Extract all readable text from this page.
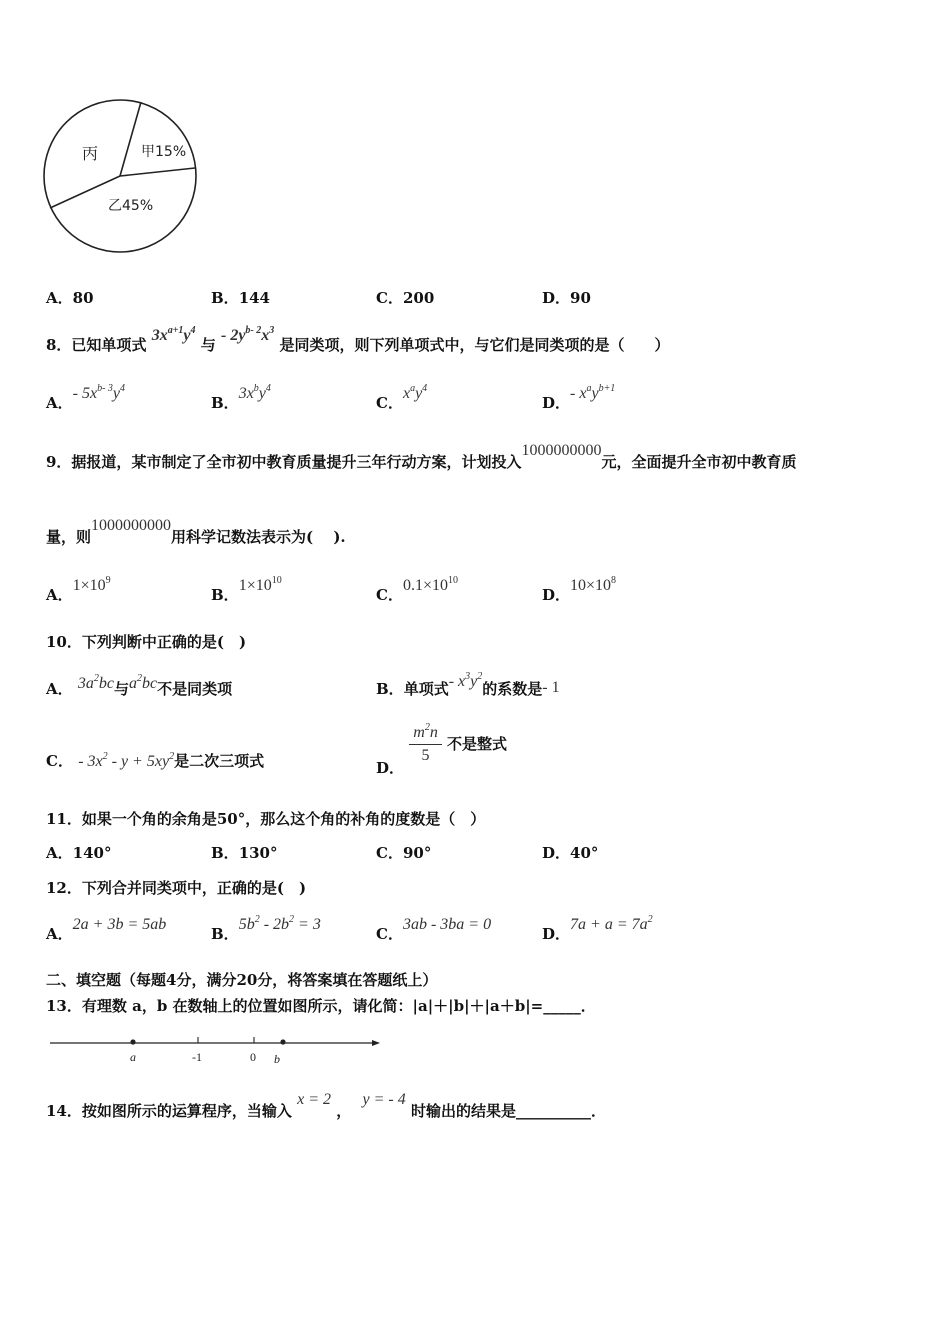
丙	甲15%
乙45%
A．80	B．144	C．200	D．90
8．已知单项式 $3x^{a+1}y^4$ 与 - $2y^{b- 2}x^3$ 是同类项，则下列单项式中，与它们是同类项的是（　　）
A．- $5x^{b- 3}y^4$
B．$3x^by^4$
C．$x^ay^4$
D．- $x^ay^{b+1}$
9．据报道，某市制定了全市初中教育质量提升三年行动方案，计划投入1000000000元，全面提升全市初中教育质
量，则1000000000用科学记数法表示为(　 ).
A．$1\times 10^9$
B．$1\times 10^{10}$
C．$0.1\times 10^{10}$
D．$10\times 10^8$
10．下列判断中正确的是(　)
A． $3a^2bc$与$a^2bc$不是同类项	B．单项式- $x^3y^2$的系数是- 1
C． - $3x^2 - y + 5xy^2$是二次三项式	D．
$\frac{m^2n}{5}$ 不是整式
11．如果一个角的余角是50°，那么这个角的补角的度数是（　）
A．140°	B．130°	C．90°	D．40°
12．下列合并同类项中，正确的是(　)
A．2a + 3b = 5ab
B．$5b^2 - 2b^2 = 3$
C．3ab - 3ba = 0
D．$7a + a = 7a^2$
二、填空题（每题4分，满分20分，将答案填在答题纸上）
13．有理数 a，b 在数轴上的位置如图所示，请化简：|a|＋|b|＋|a＋b|=_____．
a	-1	0 b
14．按如图所示的运算程序，当输入 x = 2 ， y = - 4 时输出的结果是__________．
